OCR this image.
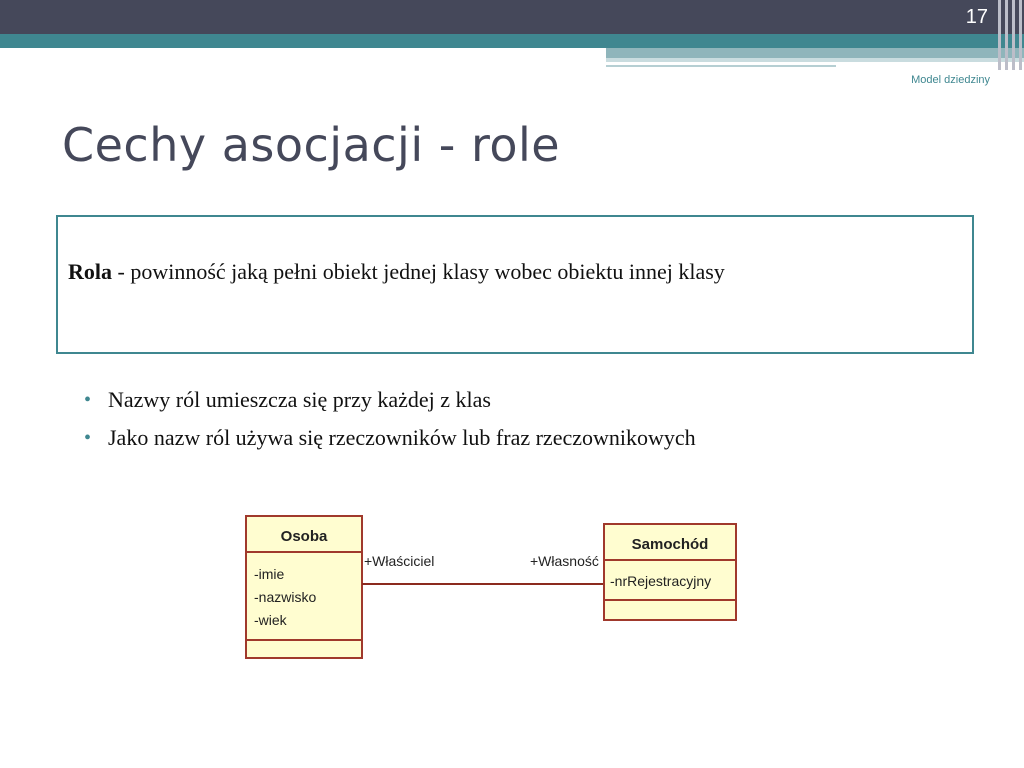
17
Model dziedziny
Cechy asocjacji - role
Rola - powinność jaką pełni obiekt jednej klasy wobec obiektu innej klasy
• Nazwy ról umieszcza się przy każdej z klas
• Jako nazw ról używa się rzeczowników lub fraz rzeczownikowych
Osoba
-imie
-nazwisko
-wiek
+Właściciel	+Własność
Samochód
-nrRejestracyjny
